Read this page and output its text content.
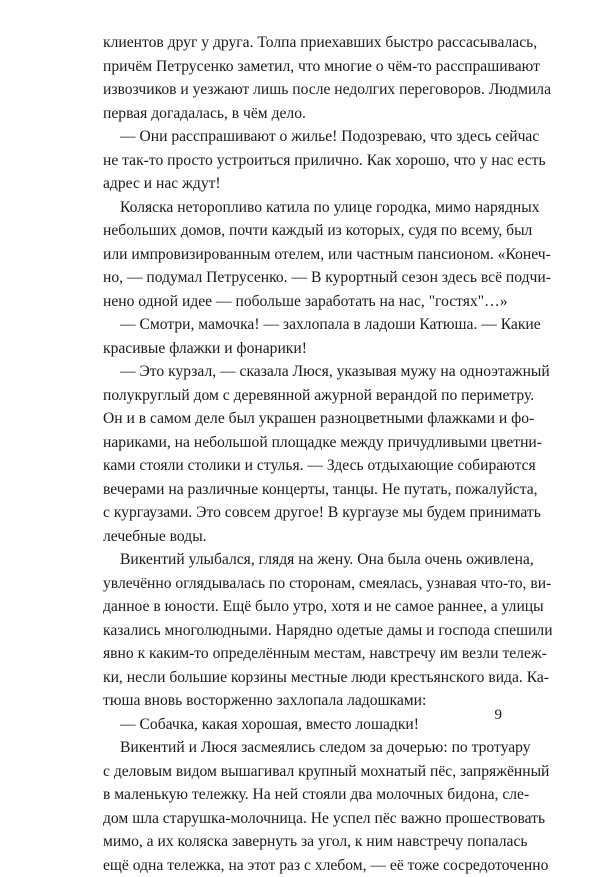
клиентов друг у друга. Толпа приехавших быстро рассасывалась,
причём Петрусенко заметил, что многие о чём-то расспрашивают
извозчиков и уезжают лишь после недолгих переговоров. Людмила
первая догадалась, в чём дело.
— Они расспрашивают о жилье! Подозреваю, что здесь сейчас
не так-то просто устроиться прилично. Как хорошо, что у нас есть
адрес и нас ждут!
Коляска неторопливо катила по улице городка, мимо нарядных
небольших домов, почти каждый из которых, судя по всему, был
или импровизированным отелем, или частным пансионом. «Конеч-
но, — подумал Петрусенко. — В курортный сезон здесь всё подчи-
нено одной идее — побольше заработать на нас, "гостях"…»
— Смотри, мамочка! — захлопала в ладоши Катюша. — Какие
красивые флажки и фонарики!
— Это курзал, — сказала Люся, указывая мужу на одноэтажный
полукруглый дом с деревянной ажурной верандой по периметру.
Он и в самом деле был украшен разноцветными флажками и фо-
нариками, на небольшой площадке между причудливыми цветни-
ками стояли столики и стулья. — Здесь отдыхающие собираются
вечерами на различные концерты, танцы. Не путать, пожалуйста,
с кургаузами. Это совсем другое! В кургаузе мы будем принимать
лечебные воды.
Викентий улыбался, глядя на жену. Она была очень оживлена,
увлечённо оглядывалась по сторонам, смеялась, узнавая что-то, ви-
данное в юности. Ещё было утро, хотя и не самое раннее, а улицы
казались многолюдными. Нарядно одетые дамы и господа спешили
явно к каким-то определённым местам, навстречу им везли тележ-
ки, несли большие корзины местные люди крестьянского вида. Ка-
тюша вновь восторженно захлопала ладошками:
— Собачка, какая хорошая, вместо лошадки!
Викентий и Люся засмеялись следом за дочерью: по тротуару
с деловым видом вышагивал крупный мохнатый пёс, запряжённый
в маленькую тележку. На ней стояли два молочных бидона, сле-
дом шла старушка-молочница. Не успел пёс важно прошествовать
мимо, а их коляска завернуть за угол, к ним навстречу попалась
ещё одна тележка, на этот раз с хлебом, — её тоже сосредоточенно
9
